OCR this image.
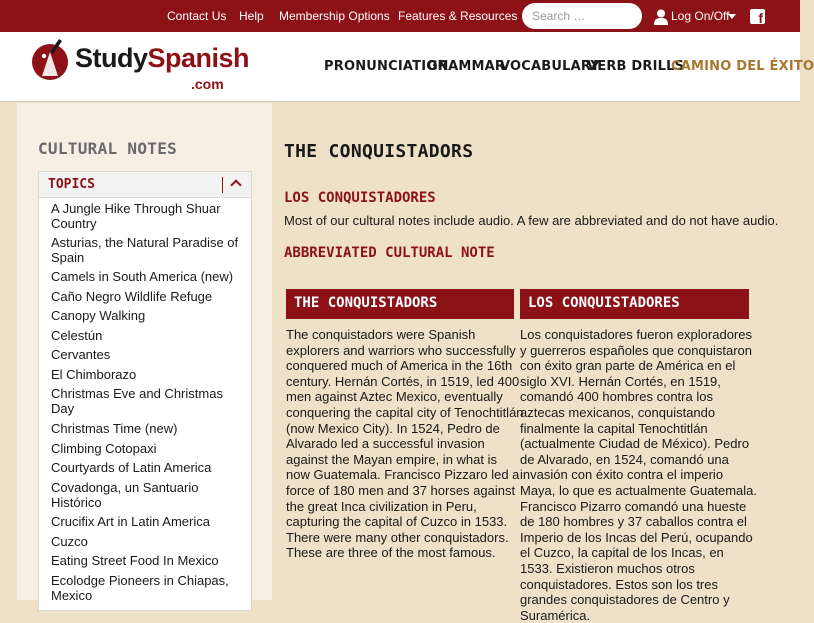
Contact Us Help Membership Options Features & Resources	Search …	Log On/Off f
StudySpanish
.com
PRONUNCIATION
GRAMMAR
VOCABULARY
VERB DRILLS
CAMINO DEL ÉXITO
CULTURAL NOTES
TOPICS
A Jungle Hike Through Shuar
Country
Asturias, the Natural Paradise of
Spain
Camels in South America (new)
Caño Negro Wildlife Refuge
Canopy Walking
Celestún
Cervantes
El Chimborazo
Christmas Eve and Christmas
Day
Christmas Time (new)
Climbing Cotopaxi
Courtyards of Latin America
Covadonga, un Santuario
Histórico
Crucifix Art in Latin America
Cuzco
Eating Street Food In Mexico
Ecolodge Pioneers in Chiapas,
Mexico
THE CONQUISTADORS
LOS CONQUISTADORES
Most of our cultural notes include audio. A few are abbreviated and do not have audio.
ABBREVIATED CULTURAL NOTE
THE CONQUISTADORS	LOS CONQUISTADORES
The conquistadors were Spanish
explorers and warriors who successfully
conquered much of America in the 16th
century. Hernán Cortés, in 1519, led 400
men against Aztec Mexico, eventually
conquering the capital city of Tenochtitlán
(now Mexico City). In 1524, Pedro de
Alvarado led a successful invasion
against the Mayan empire, in what is
now Guatemala. Francisco Pizzaro led a
force of 180 men and 37 horses against
the great Inca civilization in Peru,
capturing the capital of Cuzco in 1533.
There were many other conquistadors.
These are three of the most famous.
Los conquistadores fueron exploradores
y guerreros españoles que conquistaron
con éxito gran parte de América en el
siglo XVI. Hernán Cortés, en 1519,
comandó 400 hombres contra los
aztecas mexicanos, conquistando
finalmente la capital Tenochtitlán
(actualmente Ciudad de México). Pedro
de Alvarado, en 1524, comandó una
invasión con éxito contra el imperio
Maya, lo que es actualmente Guatemala.
Francisco Pizarro comandó una hueste
de 180 hombres y 37 caballos contra el
Imperio de los Incas del Perú, ocupando
el Cuzco, la capital de los Incas, en
1533. Existieron muchos otros
conquistadores. Estos son los tres
grandes conquistadores de Centro y
Suramérica.
